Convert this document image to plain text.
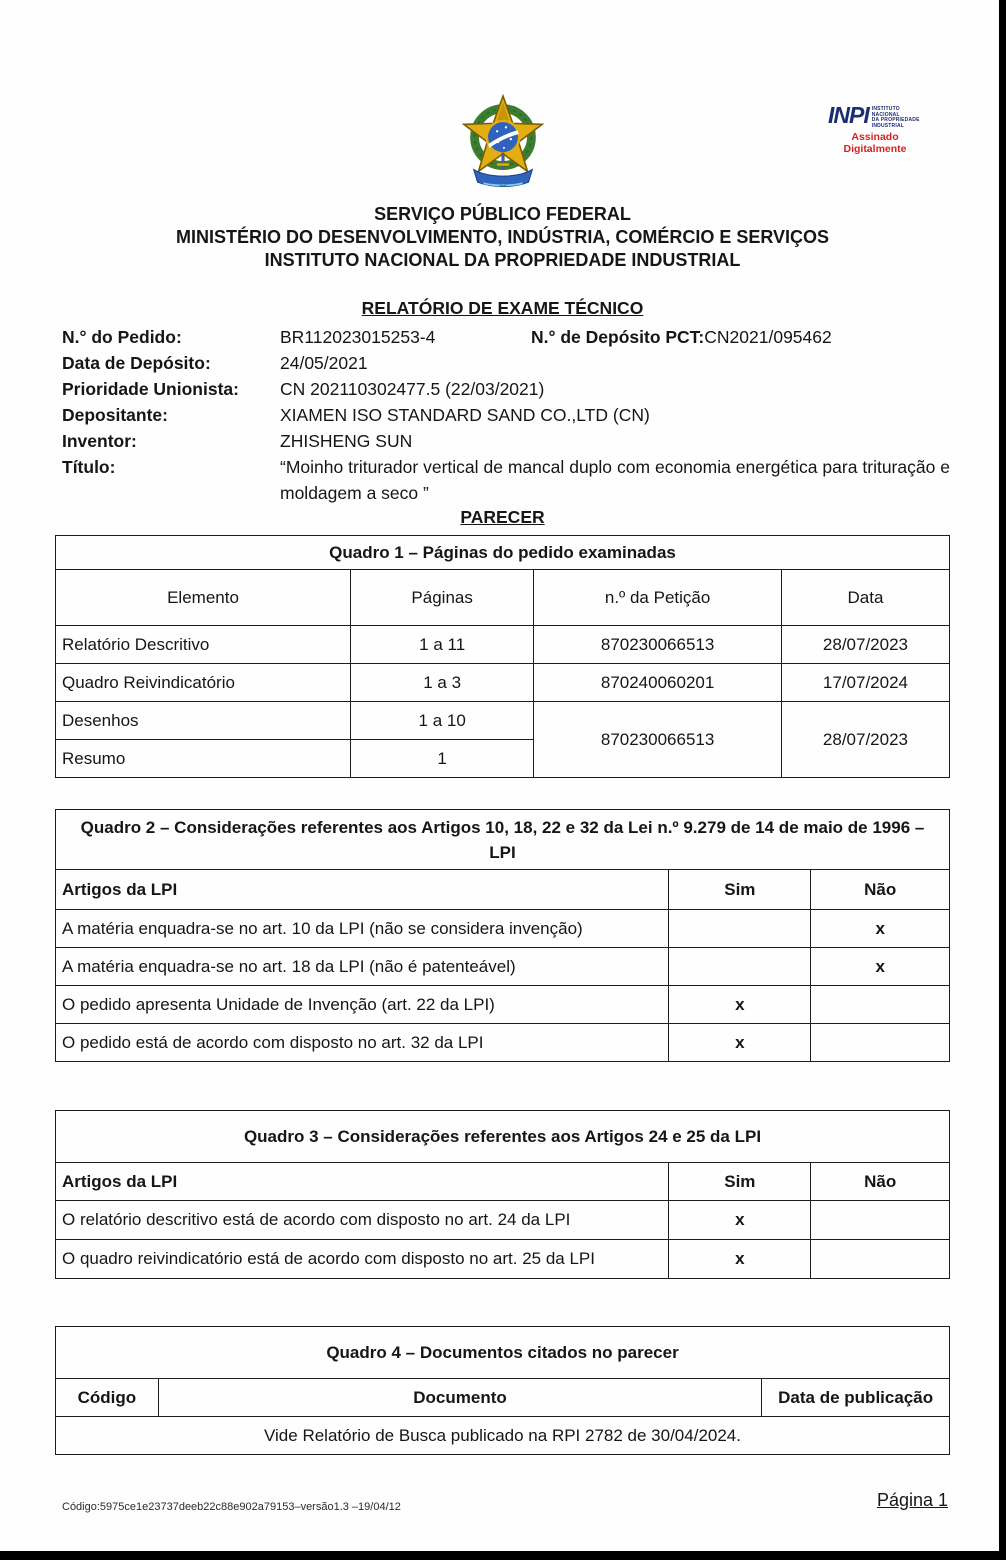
INPI INSTITUTO
NACIONAL
DA PROPRIEDADE
INDUSTRIAL
Assinado
Digitalmente
SERVIÇO PÚBLICO FEDERAL
MINISTÉRIO DO DESENVOLVIMENTO, INDÚSTRIA, COMÉRCIO E SERVIÇOS
INSTITUTO NACIONAL DA PROPRIEDADE INDUSTRIAL
RELATÓRIO DE EXAME TÉCNICO
N.° do Pedido:	BR112023015253-4	N.° de Depósito PCT:CN2021/095462
Data de Depósito:	24/05/2021
Prioridade Unionista:	CN 202110302477.5 (22/03/2021)
Depositante:	XIAMEN ISO STANDARD SAND CO.,LTD (CN)
Inventor:	ZHISHENG SUN
Título:	“Moinho triturador vertical de mancal duplo com economia energética para trituração e moldagem a seco ”
PARECER
Quadro 1 – Páginas do pedido examinadas			
Elemento	Páginas	n.º da Petição	Data
Relatório Descritivo	1 a 11	870230066513	28/07/2023
Quadro Reivindicatório	1 a 3	870240060201	17/07/2024
Desenhos	1 a 10	870230066513	28/07/2023
Resumo	1		
Quadro 2 – Considerações referentes aos Artigos 10, 18, 22 e 32 da Lei n.º 9.279 de 14 de maio de 1996 – LPI		
Artigos da LPI	Sim	Não
A matéria enquadra-se no art. 10 da LPI (não se considera invenção)		x
A matéria enquadra-se no art. 18 da LPI (não é patenteável)		x
O pedido apresenta Unidade de Invenção (art. 22 da LPI)	x	
O pedido está de acordo com disposto no art. 32 da LPI	x	
Quadro 3 – Considerações referentes aos Artigos 24 e 25 da LPI		
Artigos da LPI	Sim	Não
O relatório descritivo está de acordo com disposto no art. 24 da LPI	x	
O quadro reivindicatório está de acordo com disposto no art. 25 da LPI	x	
Quadro 4 – Documentos citados no parecer
Código	Documento	Data de publicação
Vide Relatório de Busca publicado na RPI 2782 de 30/04/2024.
Código:5975ce1e23737deeb22c88e902a79153–versão1.3 –19/04/12	Página 1
